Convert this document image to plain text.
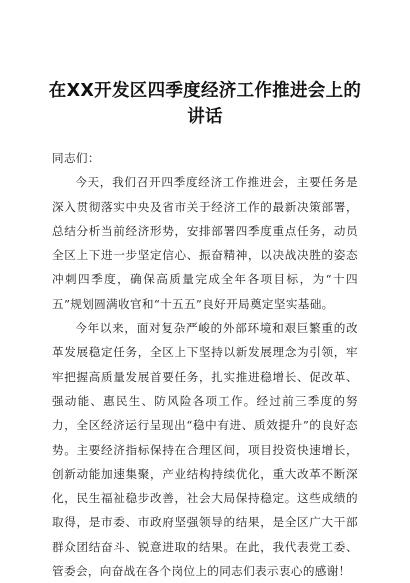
在XX开发区四季度经济工作推进会上的讲话

同志们：

今天，我们召开四季度经济工作推进会，主要任务是深入贯彻落实中央及省市关于经济工作的最新决策部署，总结分析当前经济形势，安排部署四季度重点任务，动员全区上下进一步坚定信心、振奋精神，以决战决胜的姿态冲刺四季度，确保高质量完成全年各项目标，为“十四五”规划圆满收官和“十五五”良好开局奠定坚实基础。

今年以来，面对复杂严峻的外部环境和艰巨繁重的改革发展稳定任务，全区上下坚持以新发展理念为引领，牢牢把握高质量发展首要任务，扎实推进稳增长、促改革、强动能、惠民生、防风险各项工作。经过前三季度的努力，全区经济运行呈现出“稳中有进、质效提升”的良好态势。主要经济指标保持在合理区间，项目投资快速增长，创新动能加速集聚，产业结构持续优化，重大改革不断深化，民生福祉稳步改善，社会大局保持稳定。这些成绩的取得，是市委、市政府坚强领导的结果，是全区广大干部群众团结奋斗、锐意进取的结果。在此，我代表党工委、管委会，向奋战在各个岗位上的同志们表示衷心的感谢！
